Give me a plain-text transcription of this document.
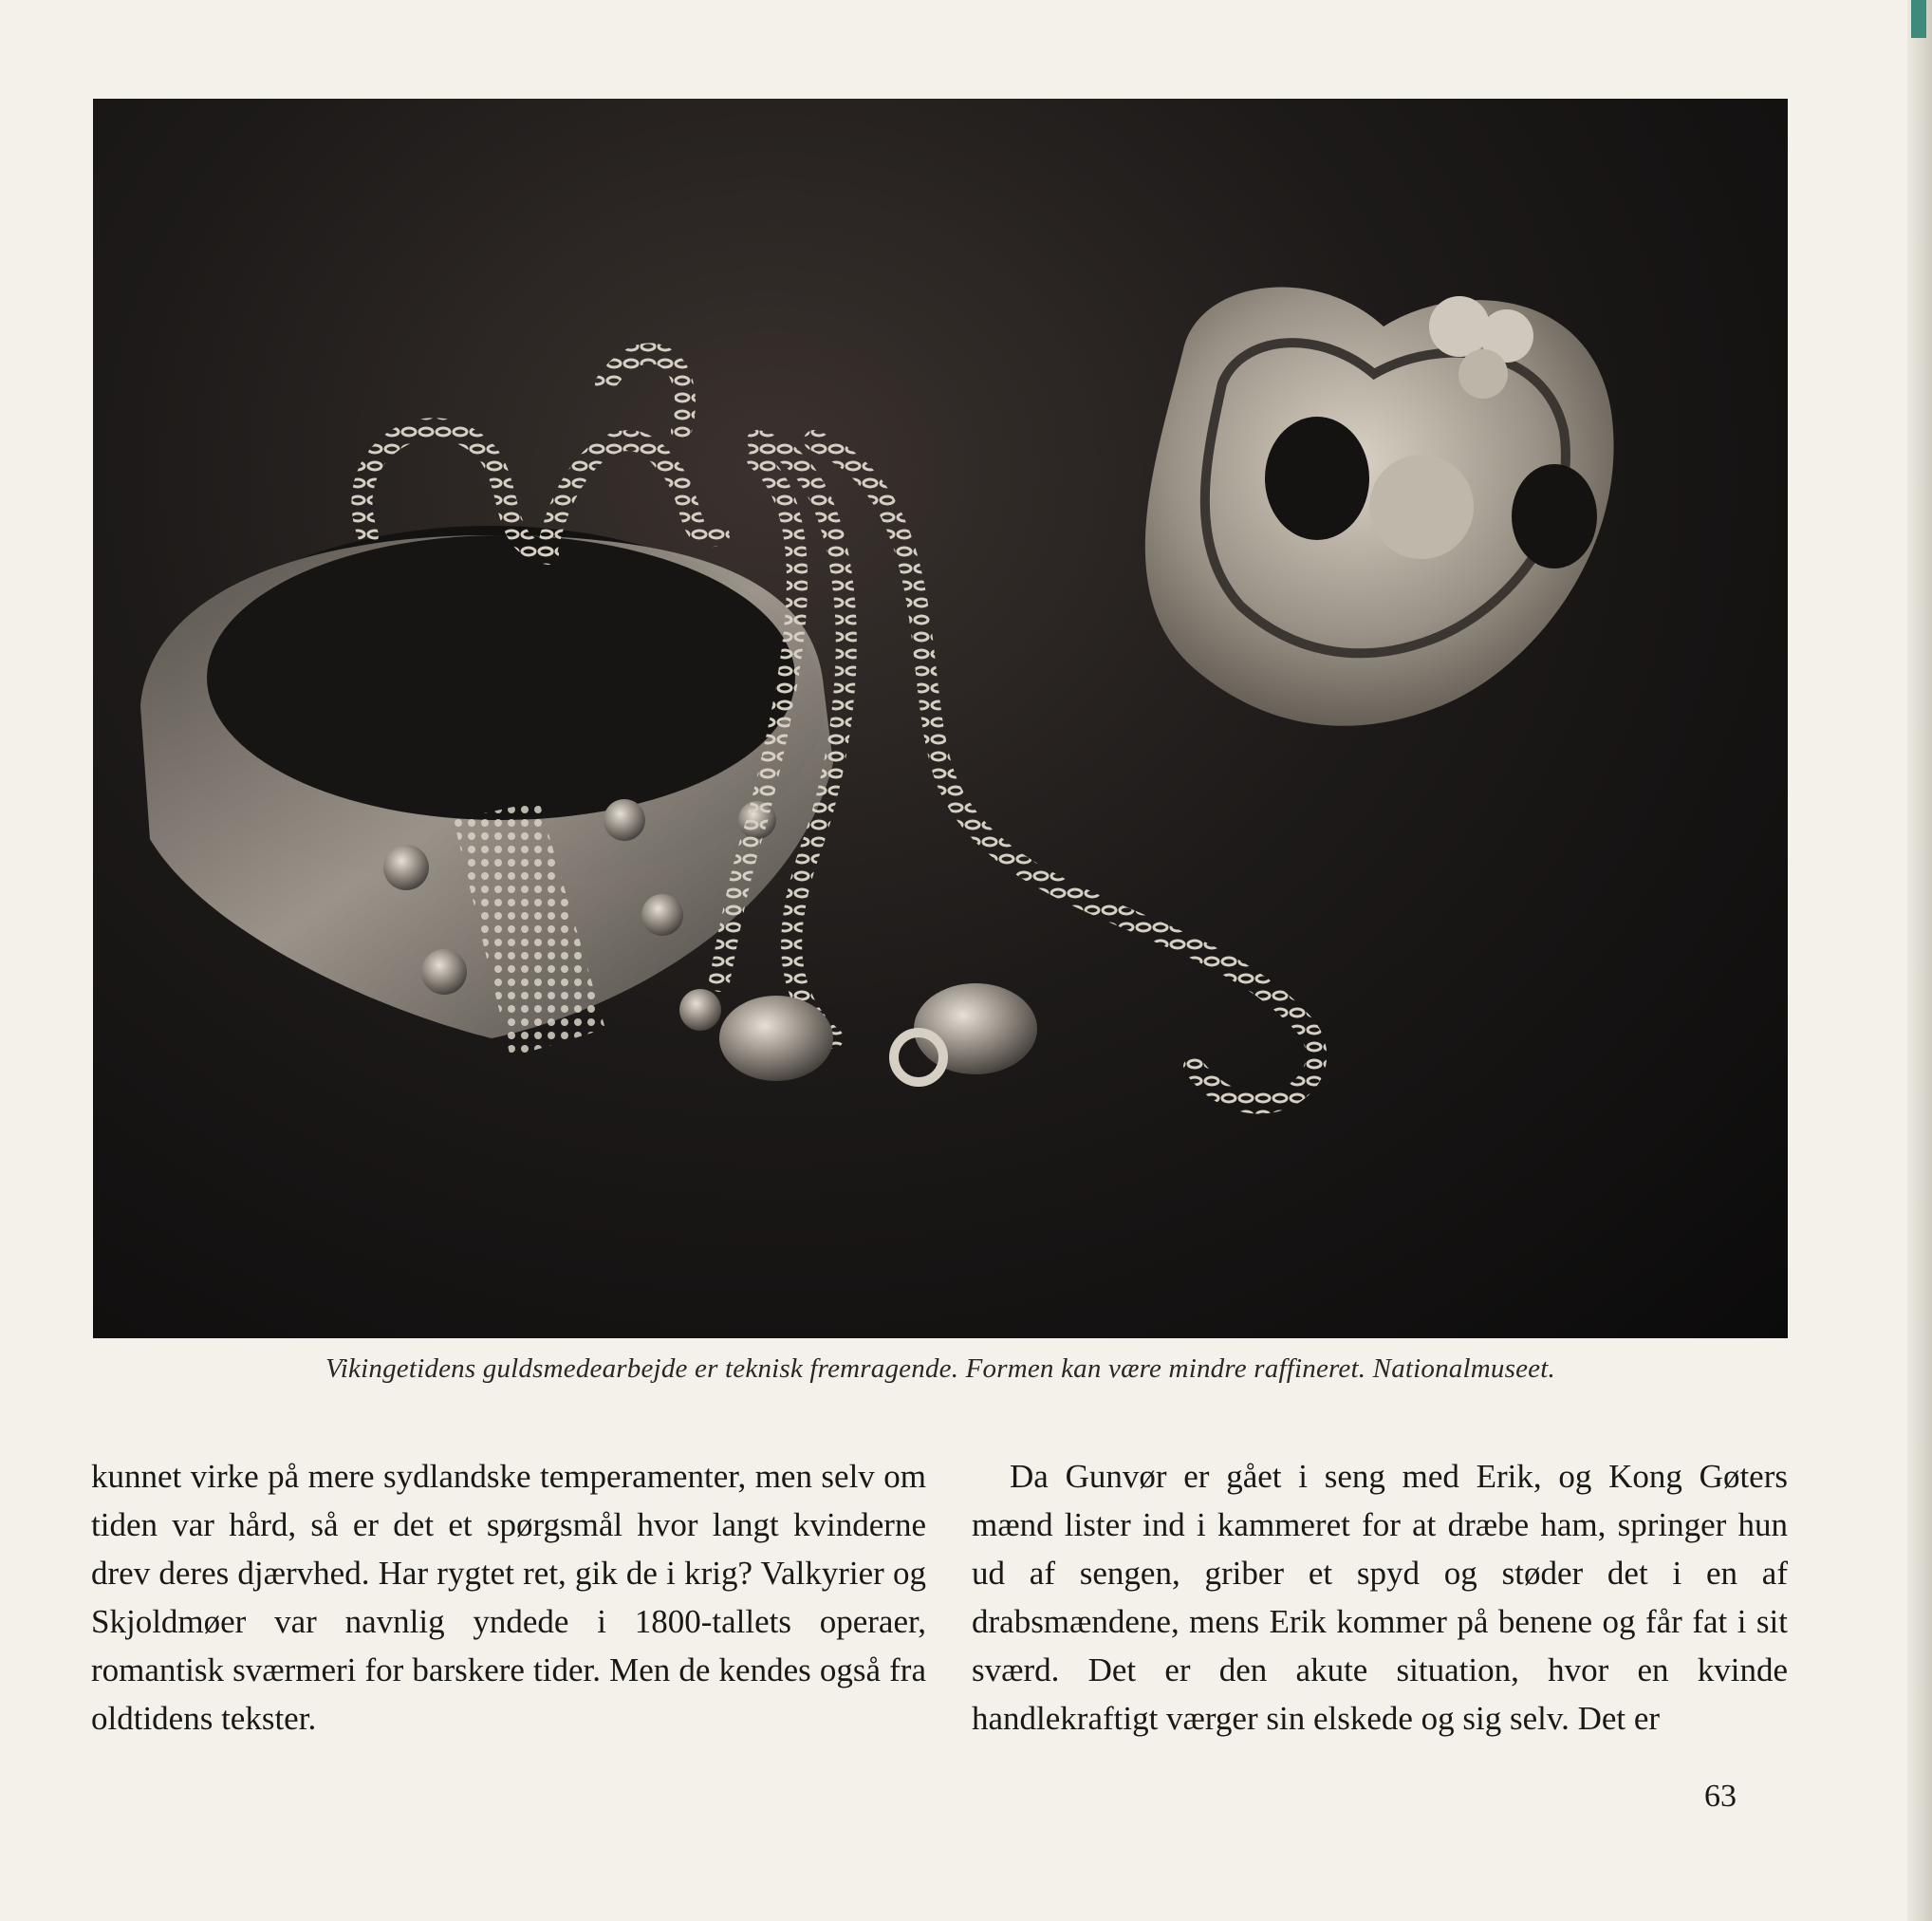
Vikingetidens guldsmedearbejde er teknisk fremragende. Formen kan være mindre raffineret. Nationalmuseet.

kunnet virke på mere sydlandske temperamenter, men selv om tiden var hård, så er det et spørgsmål hvor langt kvinderne drev deres djærvhed. Har rygtet ret, gik de i krig? Valkyrier og Skjoldmøer var navnlig yndede i 1800-tallets operaer, romantisk sværmeri for barskere tider. Men de kendes også fra oldtidens tekster.

Da Gunvør er gået i seng med Erik, og Kong Gøters mænd lister ind i kammeret for at dræbe ham, springer hun ud af sengen, griber et spyd og støder det i en af drabsmændene, mens Erik kommer på benene og får fat i sit sværd. Det er den akute situation, hvor en kvinde handlekraftigt værger sin elskede og sig selv. Det er

63
